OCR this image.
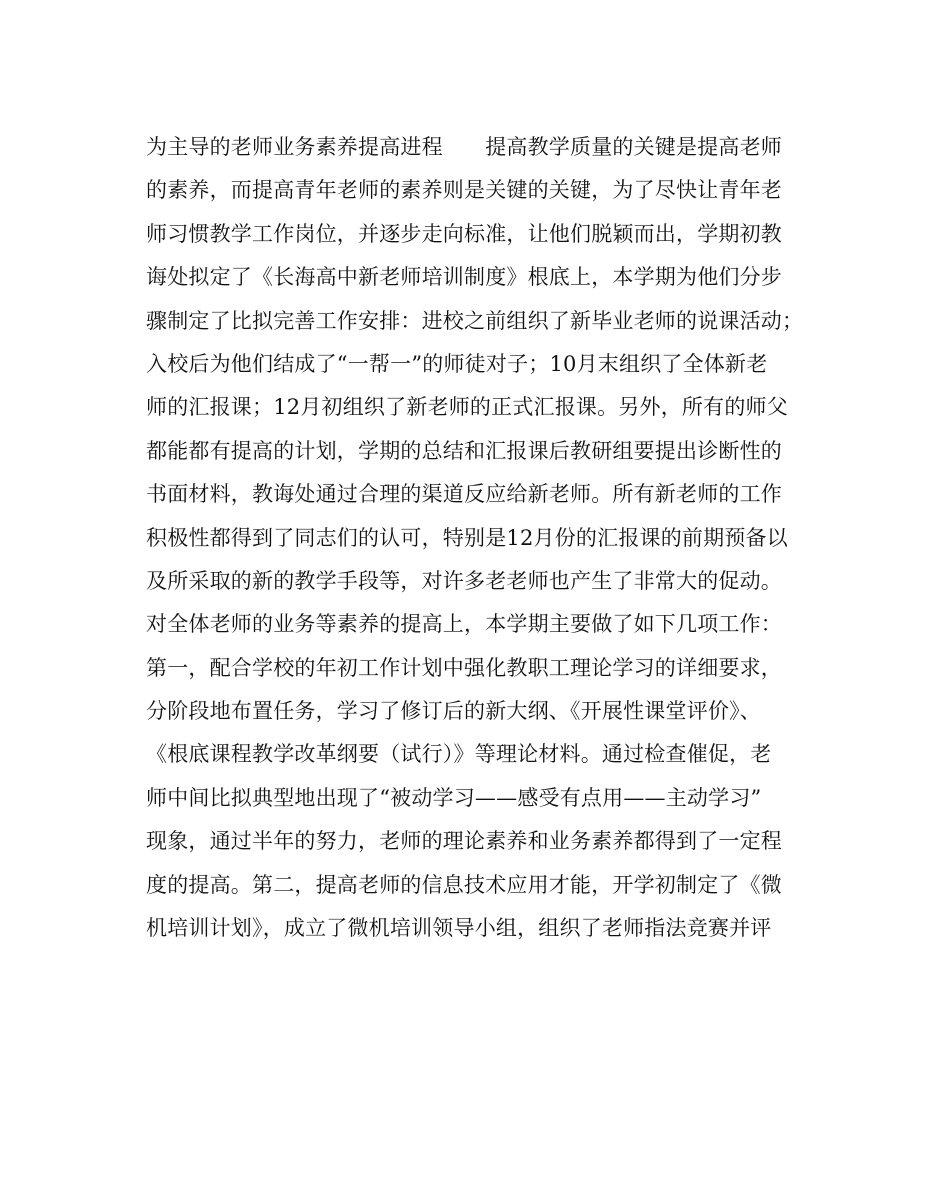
为主导的老师业务素养提高进程　　提高教学质量的关键是提高老师
的素养，而提高青年老师的素养则是关键的关键，为了尽快让青年老
师习惯教学工作岗位，并逐步走向标准，让他们脱颖而出，学期初教
诲处拟定了《长海高中新老师培训制度》根底上，本学期为他们分步
骤制定了比拟完善工作安排：进校之前组织了新毕业老师的说课活动；
入校后为他们结成了“一帮一”的师徒对子；10月末组织了全体新老
师的汇报课；12月初组织了新老师的正式汇报课。另外，所有的师父
都能都有提高的计划，学期的总结和汇报课后教研组要提出诊断性的
书面材料，教诲处通过合理的渠道反应给新老师。所有新老师的工作
积极性都得到了同志们的认可，特别是12月份的汇报课的前期预备以
及所采取的新的教学手段等，对许多老老师也产生了非常大的促动。
对全体老师的业务等素养的提高上，本学期主要做了如下几项工作：
第一，配合学校的年初工作计划中强化教职工理论学习的详细要求，
分阶段地布置任务，学习了修订后的新大纲、《开展性课堂评价》、
《根底课程教学改革纲要（试行）》等理论材料。通过检查催促，老
师中间比拟典型地出现了“被动学习——感受有点用——主动学习”
现象，通过半年的努力，老师的理论素养和业务素养都得到了一定程
度的提高。第二，提高老师的信息技术应用才能，开学初制定了《微
机培训计划》，成立了微机培训领导小组，组织了老师指法竞赛并评
